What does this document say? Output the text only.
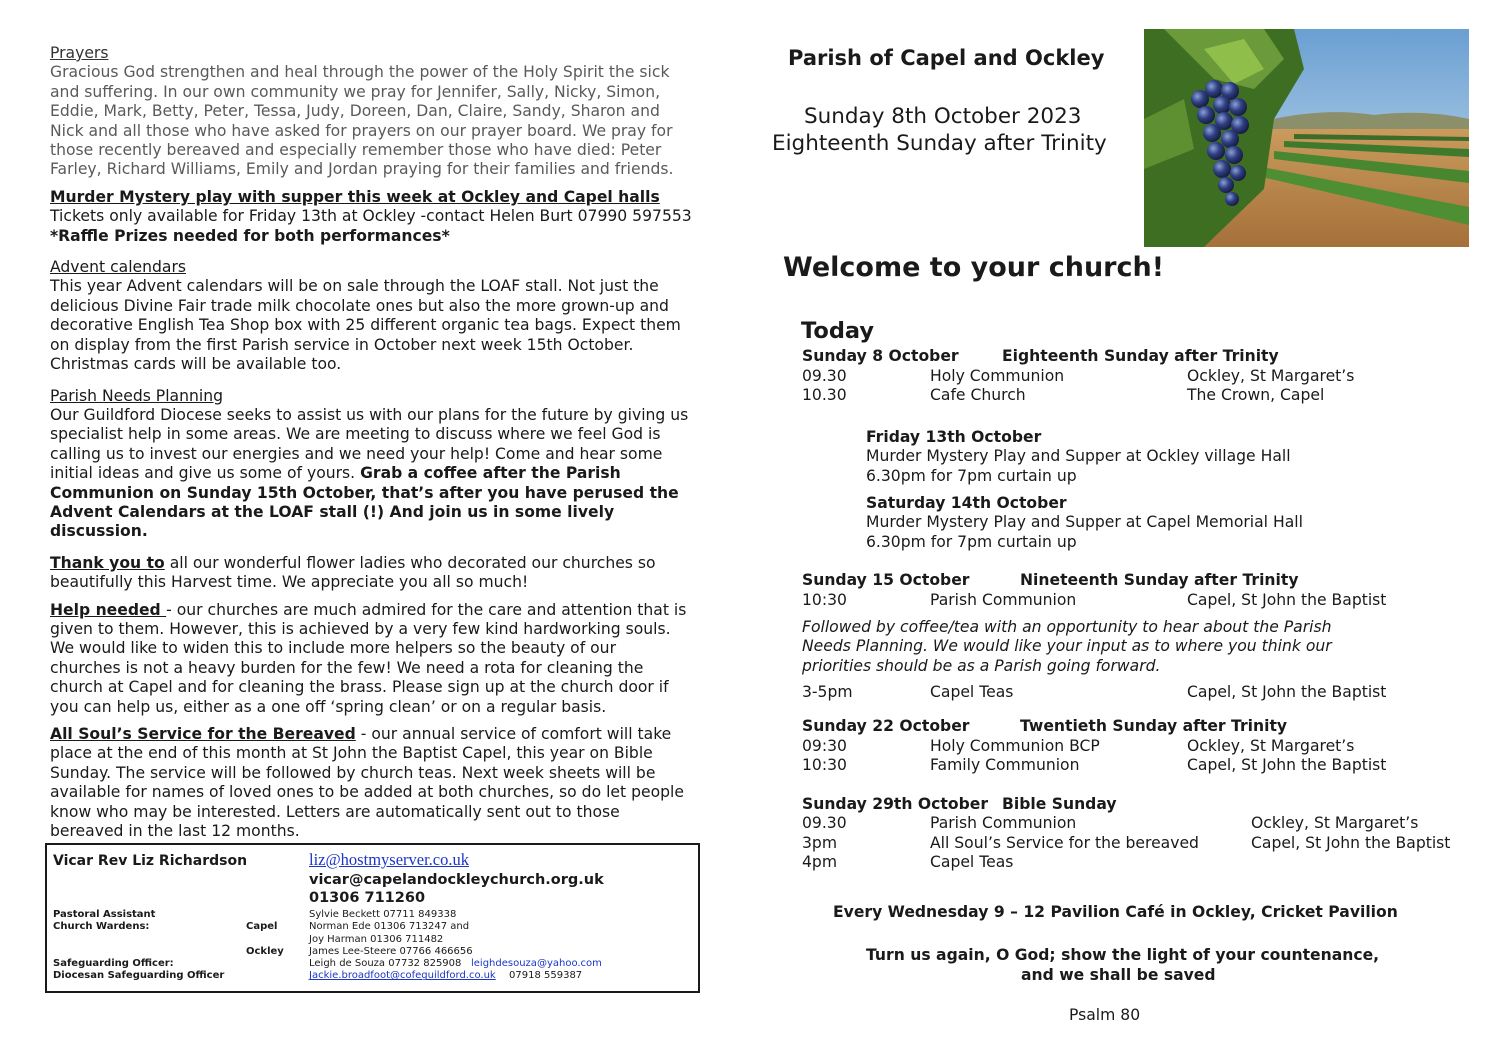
Prayers
Gracious God strengthen and heal through the power of the Holy Spirit the sick
and suffering. In our own community we pray for Jennifer, Sally, Nicky, Simon,
Eddie, Mark, Betty, Peter, Tessa, Judy, Doreen, Dan, Claire, Sandy, Sharon and
Nick and all those who have asked for prayers on our prayer board. We pray for
those recently bereaved and especially remember those who have died: Peter
Farley, Richard Williams, Emily and Jordan praying for their families and friends.
Murder Mystery play with supper this week at Ockley and Capel halls
Tickets only available for Friday 13th at Ockley -contact Helen Burt 07990 597553
*Raffle Prizes needed for both performances*
Advent calendars
This year Advent calendars will be on sale through the LOAF stall. Not just the
delicious Divine Fair trade milk chocolate ones but also the more grown-up and
decorative English Tea Shop box with 25 different organic tea bags. Expect them
on display from the first Parish service in October next week 15th October.
Christmas cards will be available too.
Parish Needs Planning
Our Guildford Diocese seeks to assist us with our plans for the future by giving us
specialist help in some areas. We are meeting to discuss where we feel God is
calling us to invest our energies and we need your help! Come and hear some
initial ideas and give us some of yours. Grab a coffee after the Parish
Communion on Sunday 15th October, that’s after you have perused the
Advent Calendars at the LOAF stall (!) And join us in some lively discussion.
Thank you to all our wonderful flower ladies who decorated our churches so
beautifully this Harvest time. We appreciate you all so much!
Help needed - our churches are much admired for the care and attention that is
given to them. However, this is achieved by a very few kind hardworking souls.
We would like to widen this to include more helpers so the beauty of our
churches is not a heavy burden for the few! We need a rota for cleaning the
church at Capel and for cleaning the brass. Please sign up at the church door if
you can help us, either as a one off ‘spring clean’ or on a regular basis.
All Soul’s Service for the Bereaved - our annual service of comfort will take
place at the end of this month at St John the Baptist Capel, this year on Bible
Sunday. The service will be followed by church teas. Next week sheets will be
available for names of loved ones to be added at both churches, so do let people
know who may be interested. Letters are automatically sent out to those
bereaved in the last 12 months.
Vicar Rev Liz Richardson	liz@hostmyserver.co.uk
vicar@capelandockleychurch.org.uk
01306 711260
Pastoral Assistant	Sylvie Beckett 07711 849338
Church Wardens:	Capel	Norman Ede 01306 713247 and
Joy Harman 01306 711482
Ockley	James Lee-Steere 07766 466656
Safeguarding Officer:	Leigh de Souza 07732 825908 leighdesouza@yahoo.com
Diocesan Safeguarding Officer	Jackie.broadfoot@cofeguildford.co.uk 07918 559387
Parish of Capel and Ockley
Sunday 8th October 2023
Eighteenth Sunday after Trinity
Welcome to your church!
Today
Sunday 8 October	Eighteenth Sunday after Trinity
09.30	Holy Communion	Ockley, St Margaret’s
10.30	Cafe Church	The Crown, Capel
Friday 13th October
Murder Mystery Play and Supper at Ockley village Hall
6.30pm for 7pm curtain up
Saturday 14th October
Murder Mystery Play and Supper at Capel Memorial Hall
6.30pm for 7pm curtain up
Sunday 15 October	Nineteenth Sunday after Trinity
10:30	Parish Communion	Capel, St John the Baptist
Followed by coffee/tea with an opportunity to hear about the Parish
Needs Planning. We would like your input as to where you think our
priorities should be as a Parish going forward.
3-5pm	Capel Teas	Capel, St John the Baptist
Sunday 22 October	Twentieth Sunday after Trinity
09:30	Holy Communion BCP	Ockley, St Margaret’s
10:30	Family Communion	Capel, St John the Baptist
Sunday 29th October Bible Sunday
09.30	Parish Communion	Ockley, St Margaret’s
3pm	All Soul’s Service for the bereaved	Capel, St John the Baptist
4pm	Capel Teas
Every Wednesday 9 – 12 Pavilion Café in Ockley, Cricket Pavilion
Turn us again, O God; show the light of your countenance,
and we shall be saved
Psalm 80
